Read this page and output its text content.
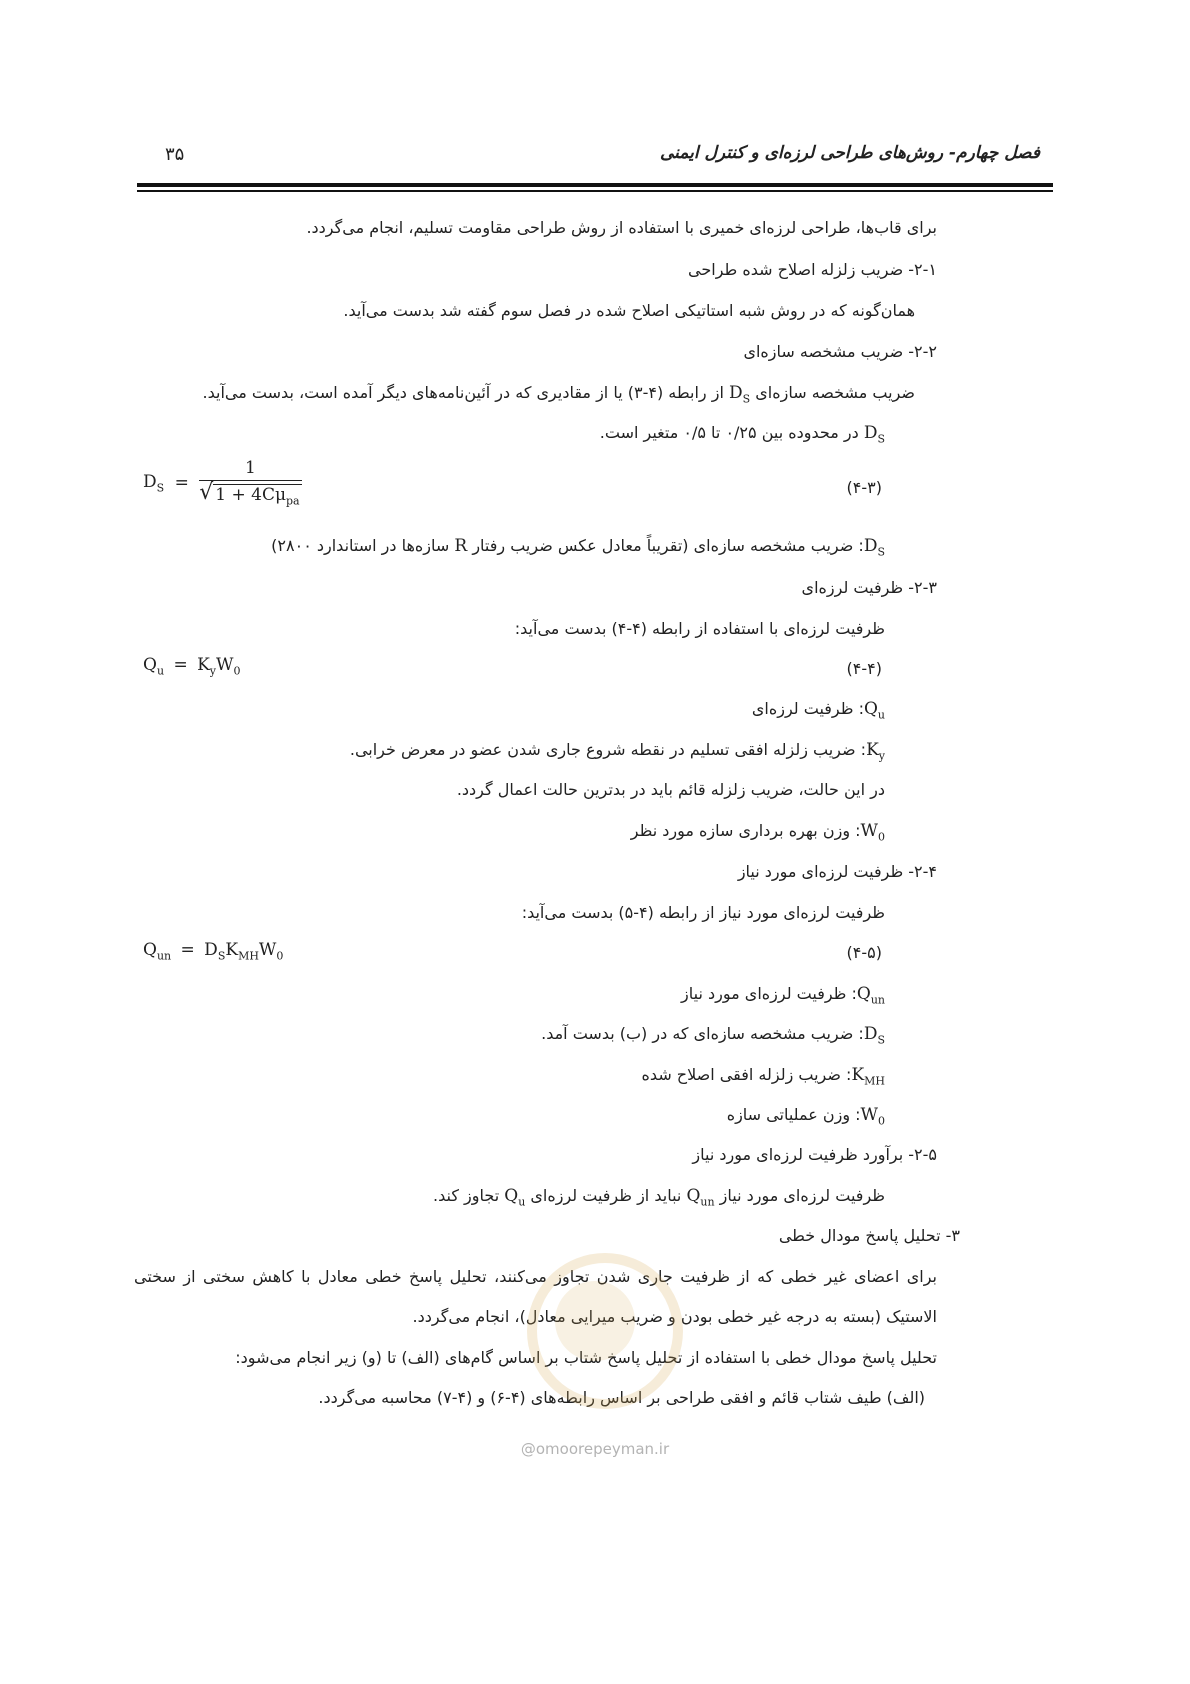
فصل چهارم- روش‌های طراحی لرزه‌ای و کنترل ایمنی
۳۵
برای قاب‌ها، طراحی لرزه‌ای خمیری با استفاده از روش طراحی مقاومت تسلیم، انجام می‌گردد.
۲-۱- ضریب زلزله اصلاح شده طراحی
همان‌گونه که در روش شبه استاتیکی اصلاح شده در فصل سوم گفته شد بدست می‌آید.
۲-۲- ضریب مشخصه سازه‌ای
ضریب مشخصه سازه‌ای $D_S$ از رابطه (۴-۳) یا از مقادیری که در آئین‌نامه‌های دیگر آمده است، بدست می‌آید.
$D_S$ در محدوده بین ۰/۲۵ تا ۰/۵ متغیر است.
$D_S = \frac{1}{√ 1 + 4C\mu_{pa}}$	(۴-۳)
$D_S$: ضریب مشخصه سازه‌ای (تقریباً معادل عکس ضریب رفتار R سازه‌ها در استاندارد ۲۸۰۰)
۲-۳- ظرفیت لرزه‌ای
ظرفیت لرزه‌ای با استفاده از رابطه (۴-۴) بدست می‌آید:
$Q_u = K_yW_0$	(۴-۴)
$Q_u$: ظرفیت لرزه‌ای
$K_y$: ضریب زلزله افقی تسلیم در نقطه شروع جاری شدن عضو در معرض خرابی.
در این حالت، ضریب زلزله قائم باید در بدترین حالت اعمال گردد.
$W_0$: وزن بهره برداری سازه مورد نظر
۲-۴- ظرفیت لرزه‌ای مورد نیاز
ظرفیت لرزه‌ای مورد نیاز از رابطه (۴-۵) بدست می‌آید:
$Q_{un} = D_SK_{MH}W_0$	(۴-۵)
$Q_{un}$: ظرفیت لرزه‌ای مورد نیاز
$D_S$: ضریب مشخصه سازه‌ای که در (ب) بدست آمد.
$K_{MH}$: ضریب زلزله افقی اصلاح شده
$W_0$: وزن عملیاتی سازه
۲-۵- برآورد ظرفیت لرزه‌ای مورد نیاز
ظرفیت لرزه‌ای مورد نیاز $Q_{un}$ نباید از ظرفیت لرزه‌ای $Q_u$ تجاوز کند.
۳- تحلیل پاسخ مودال خطی
برای اعضای غیر خطی که از ظرفیت جاری شدن تجاوز می‌کنند، تحلیل پاسخ خطی معادل با کاهش سختی از سختی
الاستیک (بسته به درجه غیر خطی بودن و ضریب میرایی معادل)، انجام می‌گردد.
تحلیل پاسخ مودال خطی با استفاده از تحلیل پاسخ شتاب بر اساس گام‌های (الف) تا (و) زیر انجام می‌شود:
(الف) طیف شتاب قائم و افقی طراحی بر اساس رابطه‌های (۴-۶) و (۴-۷) محاسبه می‌گردد.
@omoorepeyman.ir
